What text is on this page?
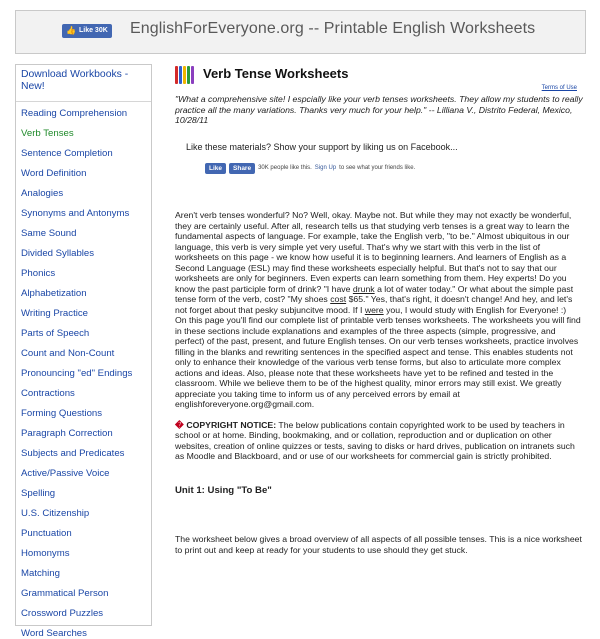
👍 Like 30K EnglishForEveryone.org -- Printable English Worksheets
Download Workbooks - New!
Reading Comprehension
Verb Tenses
Sentence Completion
Word Definition
Analogies
Synonyms and Antonyms
Same Sound
Divided Syllables
Phonics
Alphabetization
Writing Practice
Parts of Speech
Count and Non-Count
Pronouncing "ed" Endings
Contractions
Forming Questions
Paragraph Correction
Subjects and Predicates
Active/Passive Voice
Spelling
U.S. Citizenship
Punctuation
Homonyms
Matching
Grammatical Person
Crossword Puzzles
Word Searches
Verb Tense Worksheets
Terms of Use

"What a comprehensive site! I espcially like your verb tenses worksheets. They allow my students to really practice all the many variations. Thanks very much for your help." -- Lilliana V., Distrito Federal, Mexico, 10/28/11

Like these materials? Show your support by liking us on Facebook...
Like	Share	30K people like this. Sign Up to see what your friends like.
Aren't verb tenses wonderful? No? Well, okay. Maybe not. But while they may not exactly be wonderful, they are certainly useful. After all, research tells us that studying verb tenses is a great way to learn the fundamental aspects of language. For example, take the English verb, "to be." Almost ubiquitous in our language, this verb is very simple yet very useful. That's why we start with this verb in the list of worksheets on this page - we know how useful it is to beginning learners. And learners of English as a Second Language (ESL) may find these worksheets especially helpful. But that's not to say that our worksheets are only for beginners. Even experts can learn something from them. Hey experts! Do you know the past participle form of drink? "I have drunk a lot of water today." Or what about the simple past tense form of the verb, cost? "My shoes cost $65." Yes, that's right, it doesn't change! And hey, and let's not forget about that pesky subjuncitve mood. If I were you, I would study with English for Everyone! :)
On this page you'll find our complete list of printable verb tenses worksheets. The worksheets you will find in these sections include explanations and examples of the three aspects (simple, progressive, and perfect) of the past, present, and future English tenses. On our verb tenses worksheets, practice involves filling in the blanks and rewriting sentences in the specified aspect and tense. This enables students not only to enhance their knowledge of the various verb tense forms, but also to articulate more complex actions and ideas. Also, please note that these worksheets have yet to be refined and tested in the classroom. While we believe them to be of the highest quality, minor errors may still exist. We greatly appreciate you taking time to inform us of any perceived errors by email at englishforeveryone.org@gmail.com.
� COPYRIGHT NOTICE: The below publications contain copyrighted work to be used by teachers in school or at home. Binding, bookmaking, and or collation, reproduction and or duplication on other websites, creation of online quizzes or tests, saving to disks or hard drives, publication on intranets such as Moodle and Blackboard, and or use of our worksheets for commercial gain is strictly prohibited.
Unit 1: Using "To Be"
The worksheet below gives a broad overview of all aspects of all possible tenses. This is a nice worksheet to print out and keep at ready for your students to use should they get stuck.
